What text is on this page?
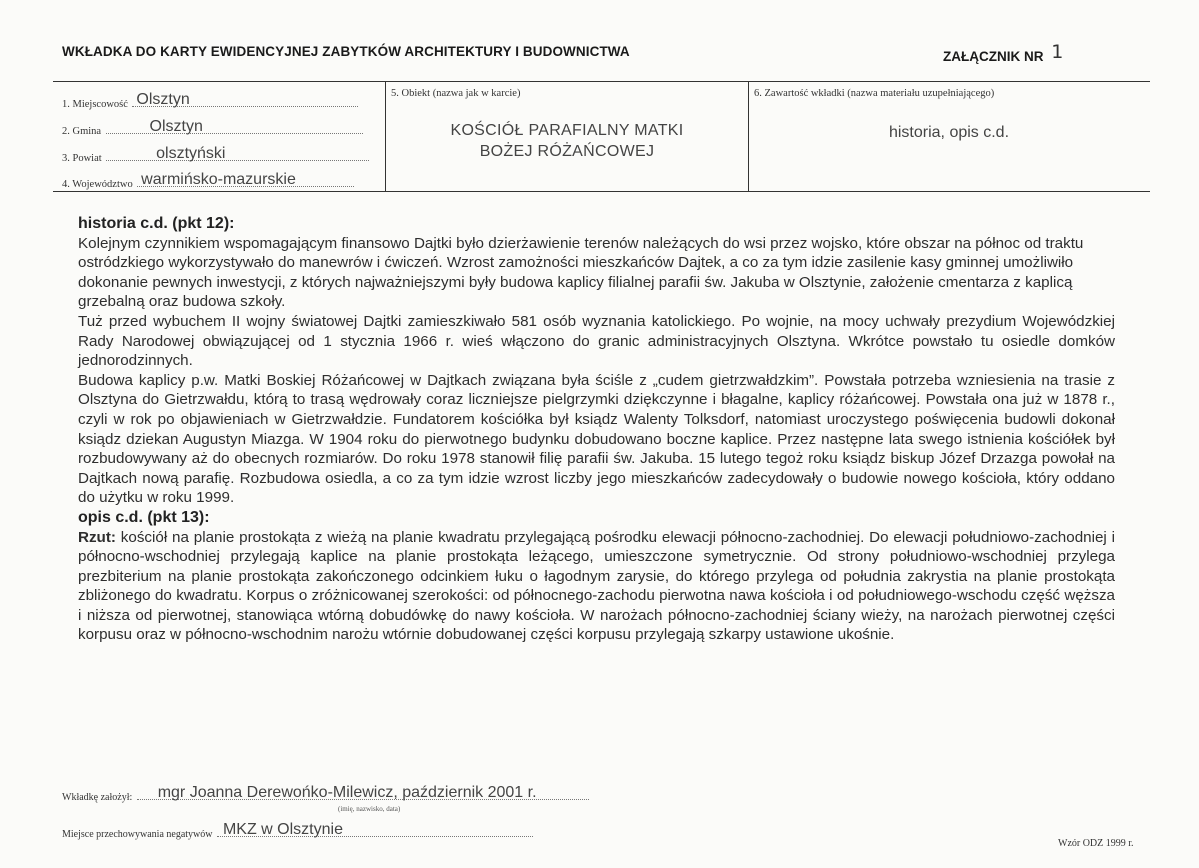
WKŁADKA DO KARTY EWIDENCYJNEJ ZABYTKÓW ARCHITEKTURY I BUDOWNICTWA	ZAŁĄCZNIK NR 1
1. Miejscowość Olsztyn
2. Gmina	Olsztyn
3. Powiat	olsztyński
4. Województwo warmińsko-mazurskie
5. Obiekt (nazwa jak w karcie)
KOŚCIÓŁ PARAFIALNY MATKI
BOŻEJ RÓŻAŃCOWEJ
6. Zawartość wkładki (nazwa materiału uzupełniającego)
historia, opis c.d.
historia c.d. (pkt 12):
Kolejnym czynnikiem wspomagającym finansowo Dajtki było dzierżawienie terenów należących do wsi przez wojsko, które obszar na północ od traktu ostródzkiego wykorzystywało do manewrów i ćwiczeń. Wzrost zamożności mieszkańców Dajtek, a co za tym idzie zasilenie kasy gminnej umożliwiło dokonanie pewnych inwestycji, z których najważniejszymi były budowa kaplicy filialnej parafii św. Jakuba w Olsztynie, założenie cmentarza z kaplicą grzebalną oraz budowa szkoły.
Tuż przed wybuchem II wojny światowej Dajtki zamieszkiwało 581 osób wyznania katolickiego. Po wojnie, na mocy uchwały prezydium Wojewódzkiej Rady Narodowej obwiązującej od 1 stycznia 1966 r. wieś włączono do granic administracyjnych Olsztyna. Wkrótce powstało tu osiedle domków jednorodzinnych.
Budowa kaplicy p.w. Matki Boskiej Różańcowej w Dajtkach związana była ściśle z „cudem gietrzwałdzkim”. Powstała potrzeba wzniesienia na trasie z Olsztyna do Gietrzwałdu, którą to trasą wędrowały coraz liczniejsze pielgrzymki dziękczynne i błagalne, kaplicy różańcowej. Powstała ona już w 1878 r., czyli w rok po objawieniach w Gietrzwałdzie. Fundatorem kościółka był ksiądz Walenty Tolksdorf, natomiast uroczystego poświęcenia budowli dokonał ksiądz dziekan Augustyn Miazga. W 1904 roku do pierwotnego budynku dobudowano boczne kaplice. Przez następne lata swego istnienia kościółek był rozbudowywany aż do obecnych rozmiarów. Do roku 1978 stanowił filię parafii św. Jakuba. 15 lutego tegoż roku ksiądz biskup Józef Drzazga powołał na Dajtkach nową parafię. Rozbudowa osiedla, a co za tym idzie wzrost liczby jego mieszkańców zadecydowały o budowie nowego kościoła, który oddano do użytku w roku 1999.
opis c.d. (pkt 13):
Rzut: kościół na planie prostokąta z wieżą na planie kwadratu przylegającą pośrodku elewacji północno-zachodniej. Do elewacji południowo-zachodniej i północno-wschodniej przylegają kaplice na planie prostokąta leżącego, umieszczone symetrycznie. Od strony południowo-wschodniej przylega prezbiterium na planie prostokąta zakończonego odcinkiem łuku o łagodnym zarysie, do którego przylega od południa zakrystia na planie prostokąta zbliżonego do kwadratu. Korpus o zróżnicowanej szerokości: od północnego-zachodu pierwotna nawa kościoła i od południowego-wschodu część węższa i niższa od pierwotnej, stanowiąca wtórną dobudówkę do nawy kościoła. W narożach północno-zachodniej ściany wieży, na narożach pierwotnej części korpusu oraz w północno-wschodnim narożu wtórnie dobudowanej części korpusu przylegają szkarpy ustawione ukośnie.
Wkładkę założył: mgr Joanna Derewońko-Milewicz, październik 2001 r.
(imię, nazwisko, data)
Miejsce przechowywania negatywów MKZ w Olsztynie
Wzór ODZ 1999 r.
